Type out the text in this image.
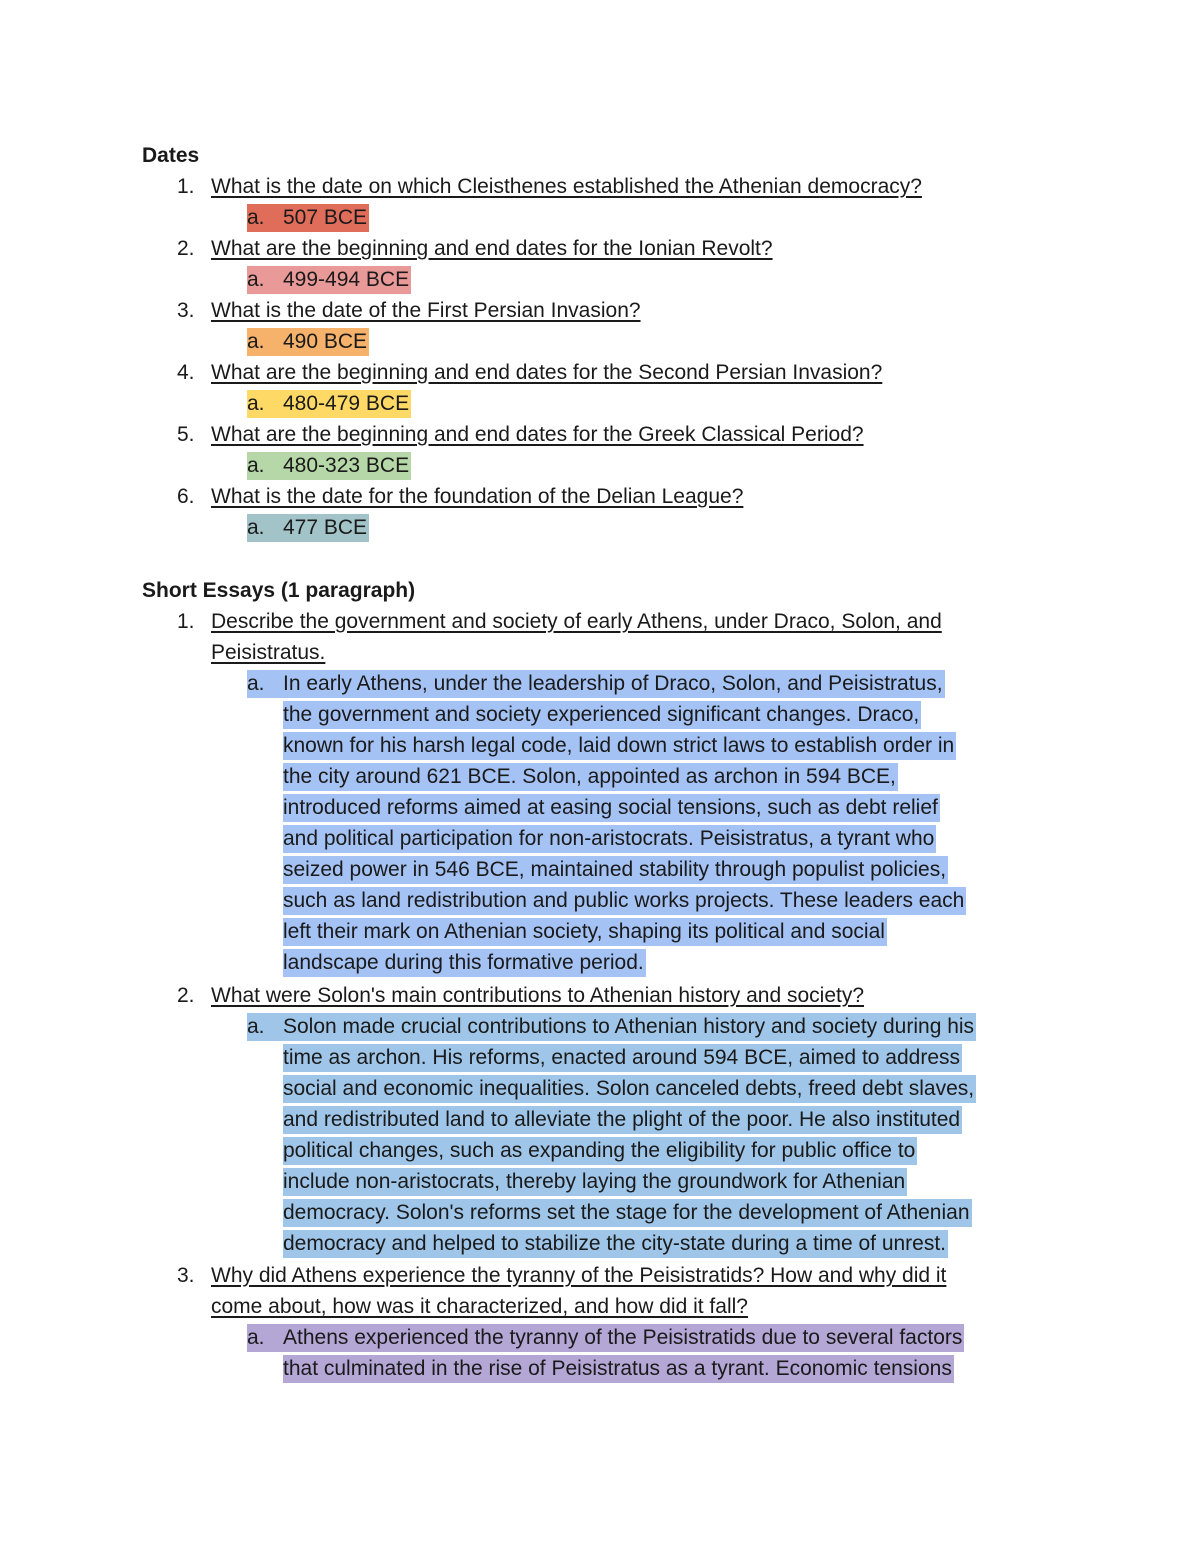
Dates
1. What is the date on which Cleisthenes established the Athenian democracy?
a. 507 BCE
2. What are the beginning and end dates for the Ionian Revolt?
a. 499-494 BCE
3. What is the date of the First Persian Invasion?
a. 490 BCE
4. What are the beginning and end dates for the Second Persian Invasion?
a. 480-479 BCE
5. What are the beginning and end dates for the Greek Classical Period?
a. 480-323 BCE
6. What is the date for the foundation of the Delian League?
a. 477 BCE
Short Essays (1 paragraph)
1. Describe the government and society of early Athens, under Draco, Solon, and
Peisistratus.
a. In early Athens, under the leadership of Draco, Solon, and Peisistratus,
the government and society experienced significant changes. Draco,
known for his harsh legal code, laid down strict laws to establish order in
the city around 621 BCE. Solon, appointed as archon in 594 BCE,
introduced reforms aimed at easing social tensions, such as debt relief
and political participation for non-aristocrats. Peisistratus, a tyrant who
seized power in 546 BCE, maintained stability through populist policies,
such as land redistribution and public works projects. These leaders each
left their mark on Athenian society, shaping its political and social
landscape during this formative period.
2. What were Solon's main contributions to Athenian history and society?
a. Solon made crucial contributions to Athenian history and society during his
time as archon. His reforms, enacted around 594 BCE, aimed to address
social and economic inequalities. Solon canceled debts, freed debt slaves,
and redistributed land to alleviate the plight of the poor. He also instituted
political changes, such as expanding the eligibility for public office to
include non-aristocrats, thereby laying the groundwork for Athenian
democracy. Solon's reforms set the stage for the development of Athenian
democracy and helped to stabilize the city-state during a time of unrest.
3. Why did Athens experience the tyranny of the Peisistratids? How and why did it
come about, how was it characterized, and how did it fall?
a. Athens experienced the tyranny of the Peisistratids due to several factors
that culminated in the rise of Peisistratus as a tyrant. Economic tensions
